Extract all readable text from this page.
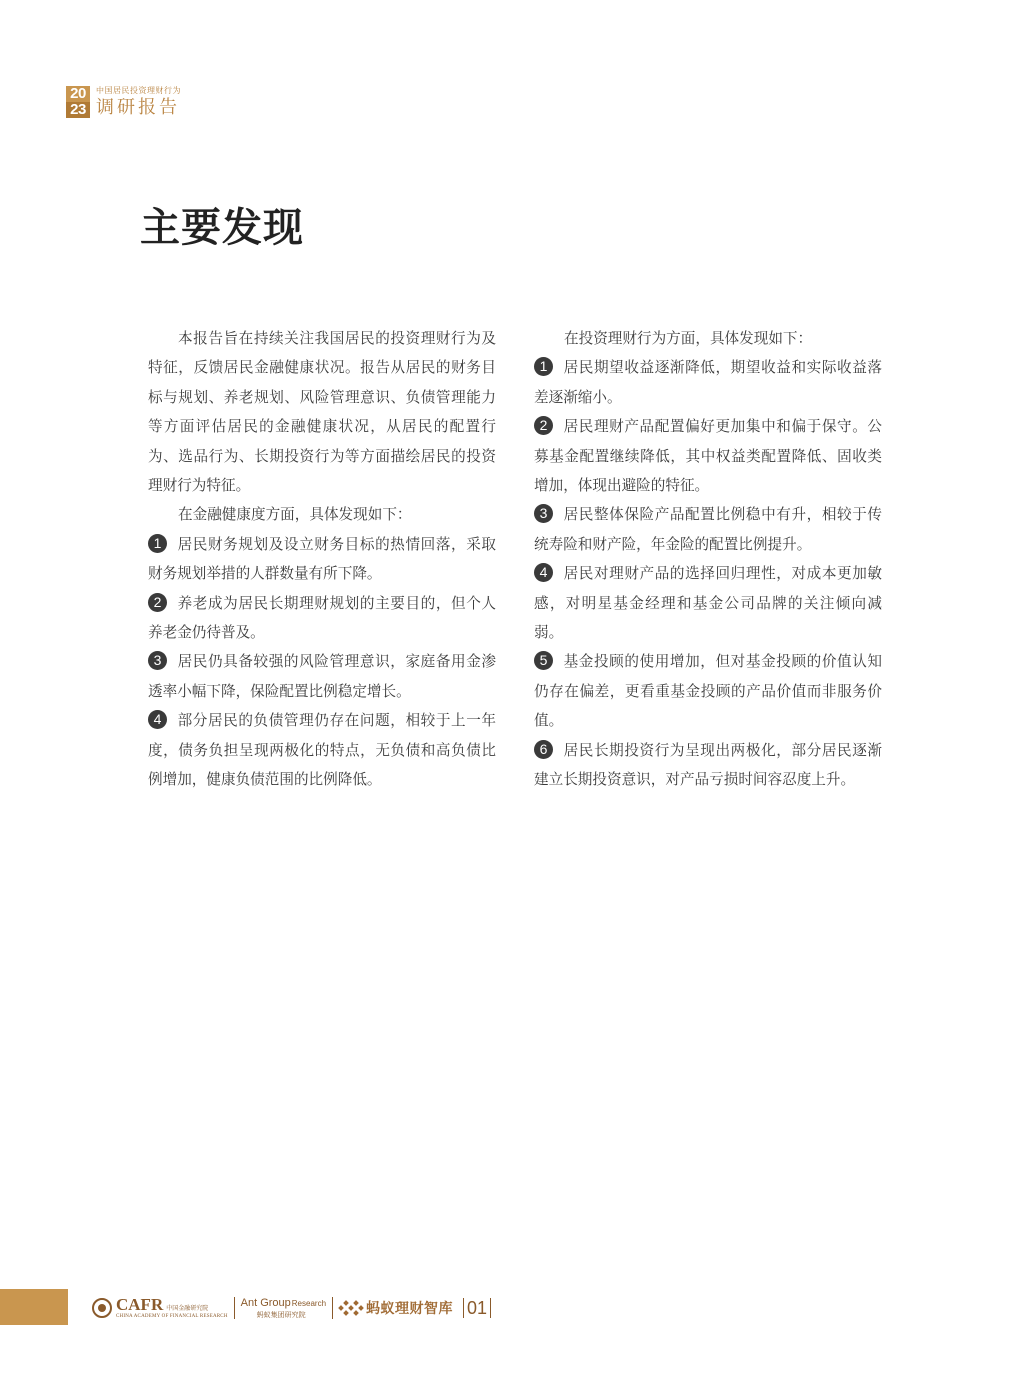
20
23
中国居民投资理财行为
调研报告
主要发现

本报告旨在持续关注我国居民的投资理财行为及特征，反馈居民金融健康状况。报告从居民的财务目标与规划、养老规划、风险管理意识、负债管理能力等方面评估居民的金融健康状况，从居民的配置行为、选品行为、长期投资行为等方面描绘居民的投资理财行为特征。

在金融健康度方面，具体发现如下：

1 居民财务规划及设立财务目标的热情回落，采取财务规划举措的人群数量有所下降。

2 养老成为居民长期理财规划的主要目的，但个人养老金仍待普及。

3 居民仍具备较强的风险管理意识，家庭备用金渗透率小幅下降，保险配置比例稳定增长。

4 部分居民的负债管理仍存在问题，相较于上一年度，债务负担呈现两极化的特点，无负债和高负债比例增加，健康负债范围的比例降低。

在投资理财行为方面，具体发现如下：

1 居民期望收益逐渐降低，期望收益和实际收益落差逐渐缩小。

2 居民理财产品配置偏好更加集中和偏于保守。公募基金配置继续降低，其中权益类配置降低、固收类增加，体现出避险的特征。

3 居民整体保险产品配置比例稳中有升，相较于传统寿险和财产险，年金险的配置比例提升。

4 居民对理财产品的选择回归理性，对成本更加敏感，对明星基金经理和基金公司品牌的关注倾向减弱。

5 基金投顾的使用增加，但对基金投顾的价值认知仍存在偏差，更看重基金投顾的产品价值而非服务价值。

6 居民长期投资行为呈现出两极化，部分居民逐渐建立长期投资意识，对产品亏损时间容忍度上升。

CAFR 中国金融研究院
CHINA ACADEMY OF FINANCIAL RESEARCH
Ant Group Research
蚂蚁集团研究院	蚂蚁理财智库 01
